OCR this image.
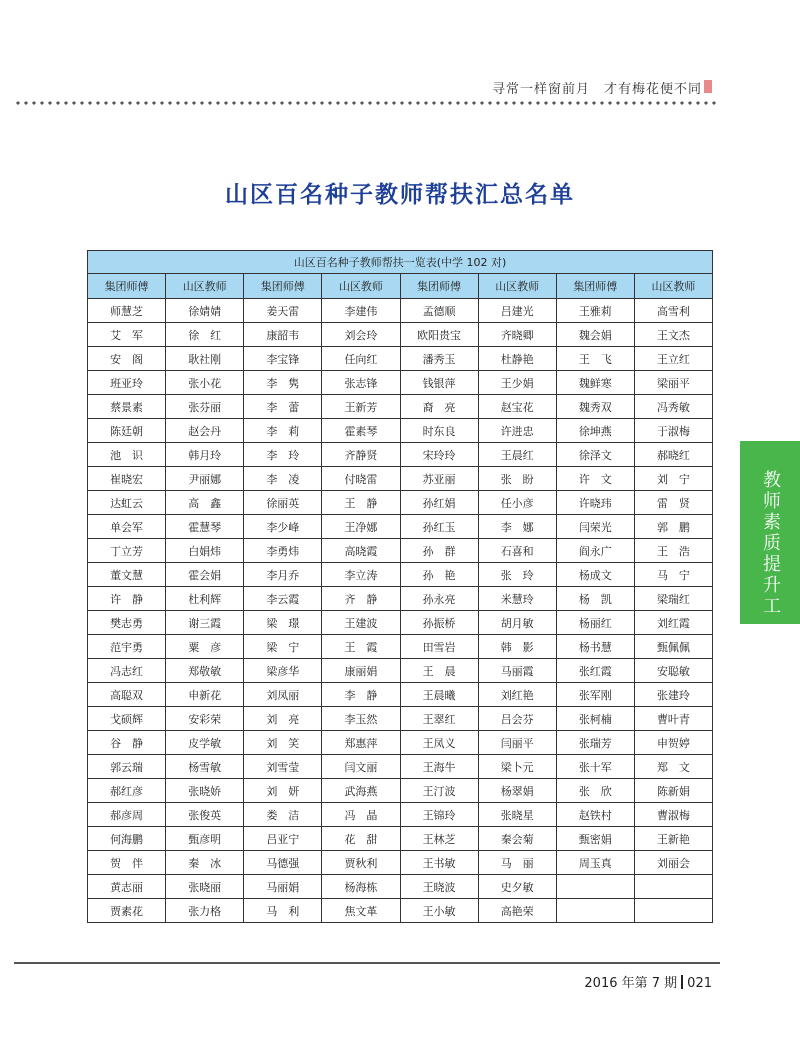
寻常一样窗前月　才有梅花便不同
山区百名种子教师帮扶汇总名单
教师素质提升工程
山区百名种子教师帮扶一览表(中学 102 对)							
集团师傅	山区教师	集团师傅	山区教师	集团师傅	山区教师	集团师傅	山区教师
师慧芝	徐婧婧	姜天雷	李建伟	孟德顺	吕建光	王雅莉	高雪利
艾　军	徐　红	康韶韦	刘会玲	欧阳贵宝	齐晓卿	魏会娟	王文杰
安　阁	耿社刚	李宝锋	任向红	潘秀玉	杜静艳	王　飞	王立红
班亚玲	张小花	李　隽	张志锋	钱银萍	王少娟	魏鲜寒	梁丽平
蔡景素	张芬丽	李　蕾	王新芳	裔　亮	赵宝花	魏秀双	冯秀敏
陈廷朝	赵会丹	李　莉	霍素琴	时东良	许进忠	徐坤燕	于淑梅
池　识	韩月玲	李　玲	齐静贤	宋玲玲	王晨红	徐泽文	郝晓红
崔晓宏	尹丽娜	李　凌	付晓雷	苏亚丽	张　盼	许　文	刘　宁
达虹云	高　鑫	徐丽英	王　静	孙红娟	任小彦	许晓玮	雷　贤
单会军	霍慧琴	李少峰	王净娜	孙红玉	李　娜	闫荣光	郭　鹏
丁立芳	白娟炜	李勇炜	高晓霞	孙　群	石喜和	阎永广	王　浩
董文慧	霍会娟	李月乔	李立涛	孙　艳	张　玲	杨成文	马　宁
许　静	杜利辉	李云霞	齐　静	孙永亮	米慧玲	杨　凯	梁瑞红
樊志勇	谢三霞	梁　璟	王建波	孙振桥	胡月敏	杨丽红	刘红霞
范宇勇	粟　彦	梁　宁	王　霞	田雪岩	韩　影	杨书慧	甄佩佩
冯志红	郑敬敏	梁彦华	康丽娟	王　晨	马丽霞	张红霞	安聪敏
高聪双	申新花	刘凤丽	李　静	王晨曦	刘红艳	张军刚	张建玲
戈硕辉	安彩荣	刘　亮	李玉然	王翠红	吕会芬	张柯楠	曹叶青
谷　静	皮学敏	刘　笑	郑惠萍	王凤义	闫丽平	张瑞芳	申贺婷
郭云瑞	杨雪敏	刘雪莹	闫文丽	王海牛	梁卜元	张十军	郑　文
郝红彦	张晓娇	刘　妍	武海燕	王汀波	杨翠娟	张　欣	陈新娟
郝彦周	张俊英	娄　洁	冯　晶	王锦玲	张晓星	赵铁村	曹淑梅
何海鹏	甄彦明	吕亚宁	花　甜	王林芝	秦会菊	甄密娟	王新艳
贺　伴	秦　冰	马德强	贾秋利	王书敏	马　丽	周玉真	刘丽会
黄志丽	张晓丽	马丽娟	杨海栋	王晓波	史夕敏		
贾素花	张力格	马　利	焦文革	王小敏	高艳荣		
2016 年第 7 期 021
